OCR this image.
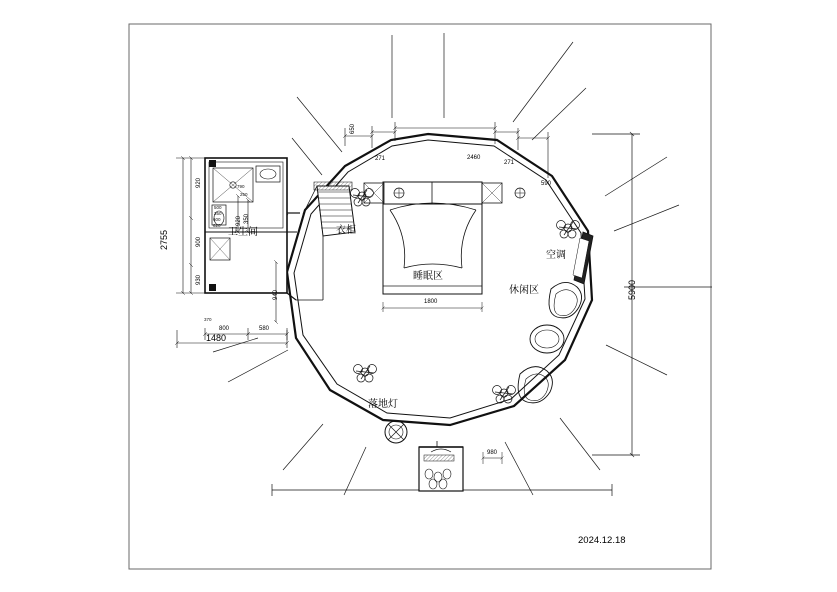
卫生间	衣柜
睡眠区
空调
休闲区
落地灯
650
271	2460
271
590
5900
2755
920
900
930
350
920
940
800	580
1480
1800
980
790
500
350
250
600
620
370
2024.12.18
